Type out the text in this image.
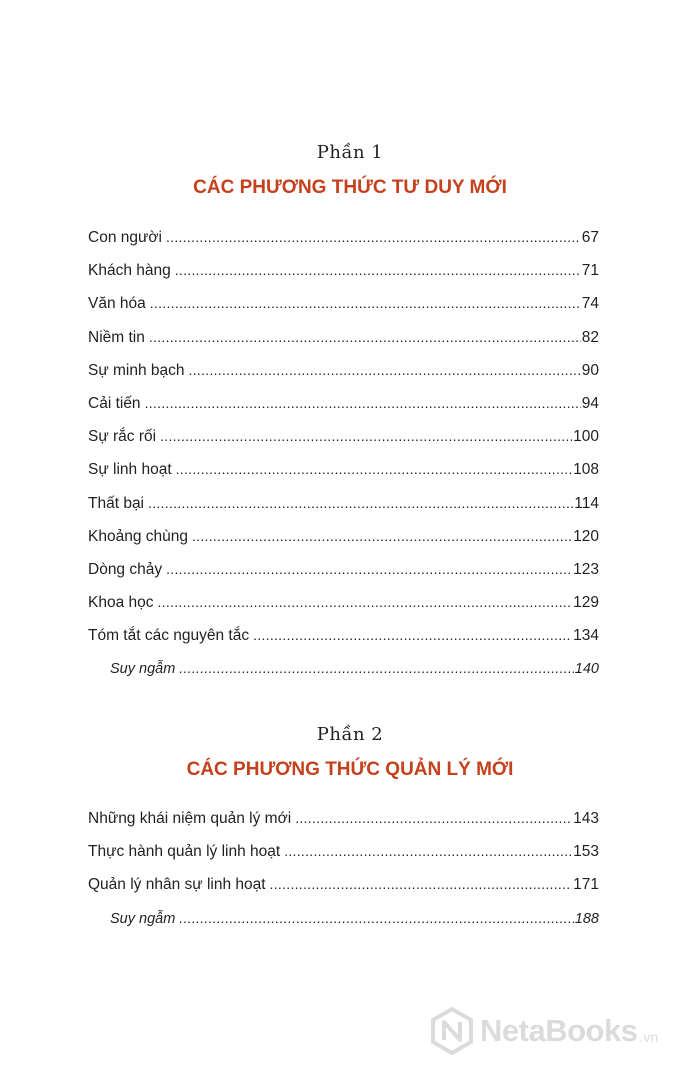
Phần 1
CÁC PHƯƠNG THỨC TƯ DUY MỚI
Con người . . .	67
Khách hàng . . .	71
Văn hóa . . .	74
Niềm tin . . .	82
Sự minh bạch . . .	90
Cải tiến . . .	94
Sự rắc rối . . .	100
Sự linh hoạt . . .	108
Thất bại . . .	114
Khoảng chùng . . .	120
Dòng chảy . . .	123
Khoa học . . .	129
Tóm tắt các nguyên tắc . . .	134
Suy ngẫm . . .	140
Phần 2
CÁC PHƯƠNG THỨC QUẢN LÝ MỚI
Những khái niệm quản lý mới . . .	143
Thực hành quản lý linh hoạt . . .	153
Quản lý nhân sự linh hoạt . . .	171
Suy ngẫm . . .	188
NetaBooks .vn
